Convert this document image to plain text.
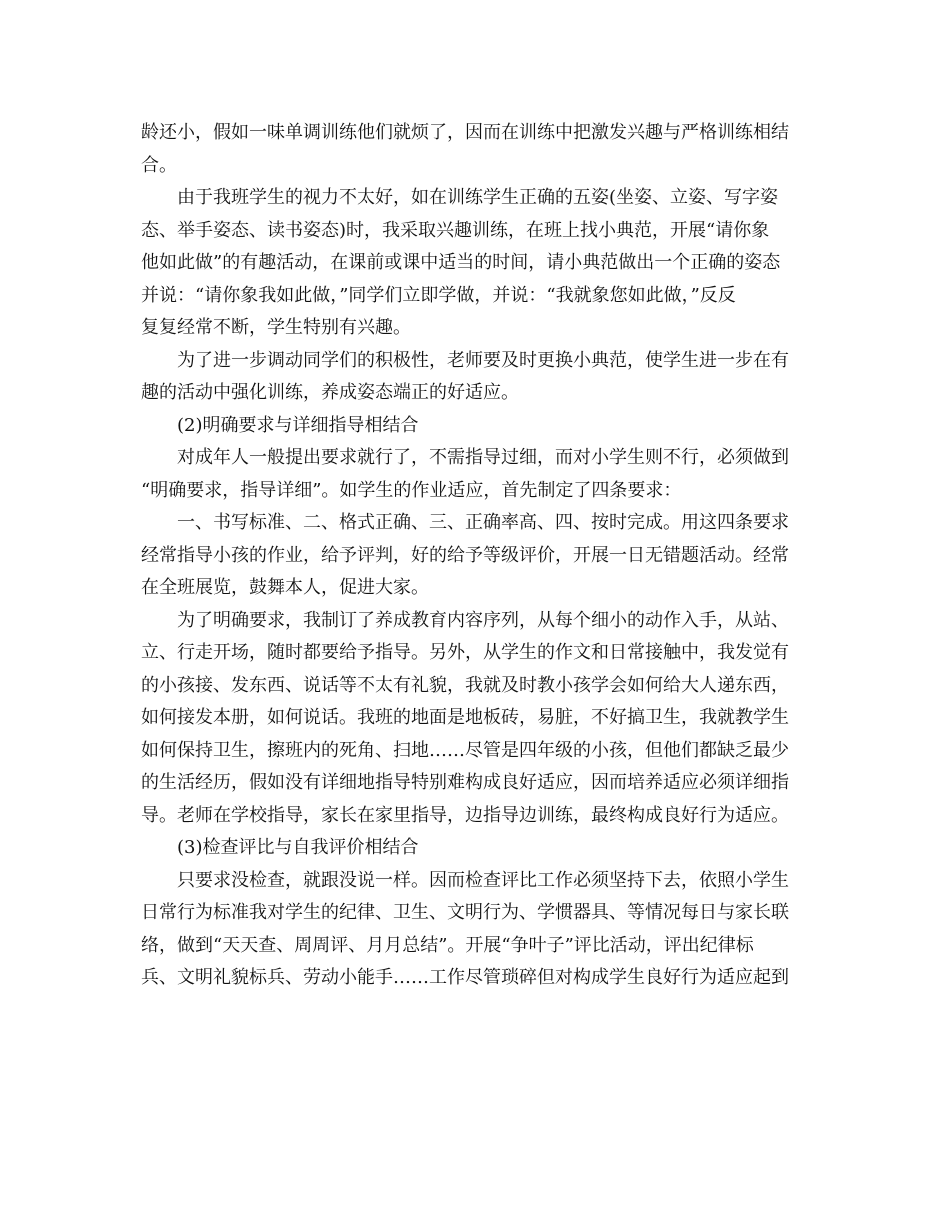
龄还小，假如一味单调训练他们就烦了，因而在训练中把激发兴趣与严格训练相结
合。
由于我班学生的视力不太好，如在训练学生正确的五姿(坐姿、立姿、写字姿
态、举手姿态、读书姿态)时，我采取兴趣训练，在班上找小典范，开展“请你象
他如此做”的有趣活动，在课前或课中适当的时间，请小典范做出一个正确的姿态
并说：“请你象我如此做，”同学们立即学做，并说：“我就象您如此做，”反反
复复经常不断，学生特别有兴趣。
为了进一步调动同学们的积极性，老师要及时更换小典范，使学生进一步在有
趣的活动中强化训练，养成姿态端正的好适应。
(2)明确要求与详细指导相结合
对成年人一般提出要求就行了，不需指导过细，而对小学生则不行，必须做到
“明确要求，指导详细”。如学生的作业适应，首先制定了四条要求：
一、书写标准、二、格式正确、三、正确率高、四、按时完成。用这四条要求
经常指导小孩的作业，给予评判，好的给予等级评价，开展一日无错题活动。经常
在全班展览，鼓舞本人，促进大家。
为了明确要求，我制订了养成教育内容序列，从每个细小的动作入手，从站、
立、行走开场，随时都要给予指导。另外，从学生的作文和日常接触中，我发觉有
的小孩接、发东西、说话等不太有礼貌，我就及时教小孩学会如何给大人递东西，
如何接发本册，如何说话。我班的地面是地板砖，易脏，不好搞卫生，我就教学生
如何保持卫生，擦班内的死角、扫地……尽管是四年级的小孩，但他们都缺乏最少
的生活经历，假如没有详细地指导特别难构成良好适应，因而培养适应必须详细指
导。老师在学校指导，家长在家里指导，边指导边训练，最终构成良好行为适应。
(3)检查评比与自我评价相结合
只要求没检查，就跟没说一样。因而检查评比工作必须坚持下去，依照小学生
日常行为标准我对学生的纪律、卫生、文明行为、学惯器具、等情况每日与家长联
络，做到“天天查、周周评、月月总结”。开展“争叶子”评比活动，评出纪律标
兵、文明礼貌标兵、劳动小能手……工作尽管琐碎但对构成学生良好行为适应起到
